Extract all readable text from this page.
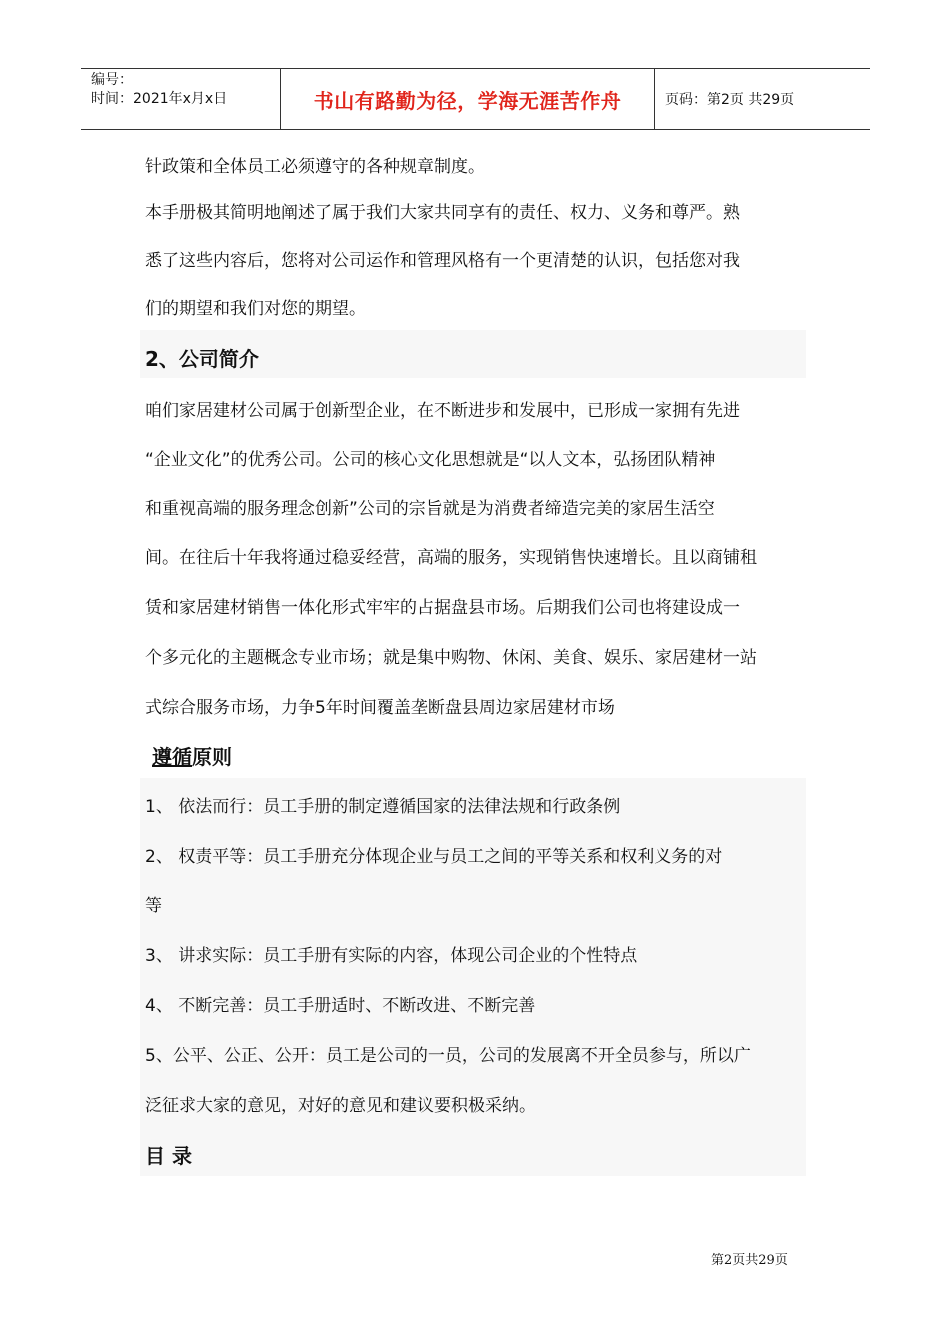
编号：
时间：2021年x月x日	书山有路勤为径，学海无涯苦作舟	页码：第2页 共29页
针政策和全体员工必须遵守的各种规章制度。
本手册极其简明地阐述了属于我们大家共同享有的责任、权力、义务和尊严。熟
悉了这些内容后，您将对公司运作和管理风格有一个更清楚的认识，包括您对我
们的期望和我们对您的期望。
2、公司简介
咱们家居建材公司属于创新型企业，在不断进步和发展中，已形成一家拥有先进
“企业文化”的优秀公司。公司的核心文化思想就是“以人文本，弘扬团队精神
和重视高端的服务理念创新”公司的宗旨就是为消费者缔造完美的家居生活空
间。在往后十年我将通过稳妥经营，高端的服务，实现销售快速增长。且以商铺租
赁和家居建材销售一体化形式牢牢的占据盘县市场。后期我们公司也将建设成一
个多元化的主题概念专业市场；就是集中购物、休闲、美食、娱乐、家居建材一站
式综合服务市场，力争5年时间覆盖垄断盘县周边家居建材市场
遵循原则
1、 依法而行：员工手册的制定遵循国家的法律法规和行政条例
2、 权责平等：员工手册充分体现企业与员工之间的平等关系和权利义务的对
等
3、 讲求实际：员工手册有实际的内容，体现公司企业的个性特点
4、 不断完善：员工手册适时、不断改进、不断完善
5、公平、公正、公开：员工是公司的一员，公司的发展离不开全员参与，所以广
泛征求大家的意见，对好的意见和建议要积极采纳。
目 录
第2页共29页
